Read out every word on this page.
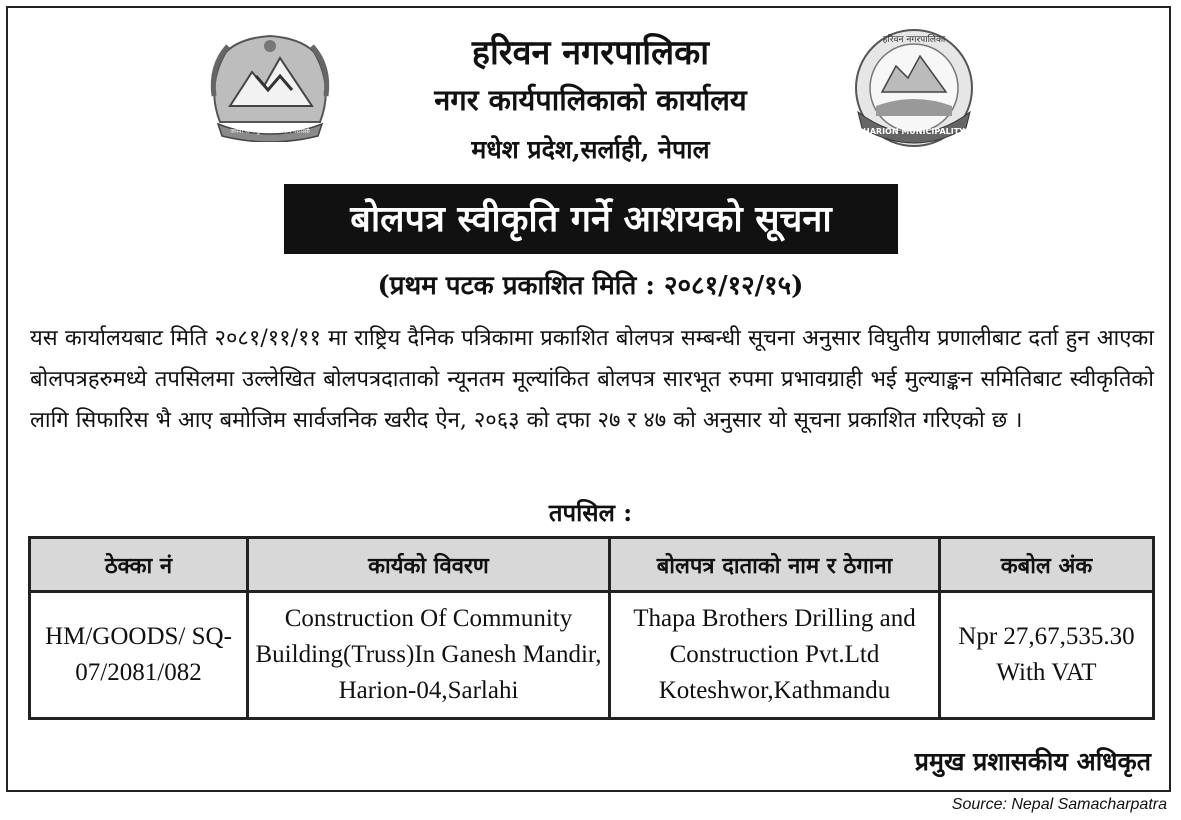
जननी जन्मभूमिश्च स्वर्गादपि गरीयसी
हरिवन नगरपालिका
HARION MUNICIPALITY
हरिवन नगरपालिका
नगर कार्यपालिकाको कार्यालय
मधेश प्रदेश,सर्लाही, नेपाल
बोलपत्र स्वीकृति गर्ने आशयको सूचना
(प्रथम पटक प्रकाशित मिति : २०८१/१२/१५)
यस कार्यालयबाट मिति २०८१/११/११ मा राष्ट्रिय दैनिक पत्रिकामा प्रकाशित बोलपत्र सम्बन्धी सूचना अनुसार विघुतीय प्रणालीबाट दर्ता हुन आएका बोलपत्रहरुमध्ये तपसिलमा उल्लेखित बोलपत्रदाताको न्यूनतम मूल्यांकित बोलपत्र सारभूत रुपमा प्रभावग्राही भई मुल्याङ्कन समितिबाट स्वीकृतिको लागि सिफारिस भै आए बमोजिम सार्वजनिक खरीद ऐन, २०६३ को दफा २७ र ४७ को अनुसार यो सूचना प्रकाशित गरिएको छ ।
तपसिल :
ठेक्का नं	कार्यको विवरण	बोलपत्र दाताको नाम र ठेगाना	कबोल अंक
HM/GOODS/ SQ-07/2081/082	Construction Of Community Building(Truss)In Ganesh Mandir, Harion-04,Sarlahi	Thapa Brothers Drilling and Construction Pvt.Ltd Koteshwor,Kathmandu	Npr 27,67,535.30 With VAT
प्रमुख प्रशासकीय अधिकृत
Source: Nepal Samacharpatra
